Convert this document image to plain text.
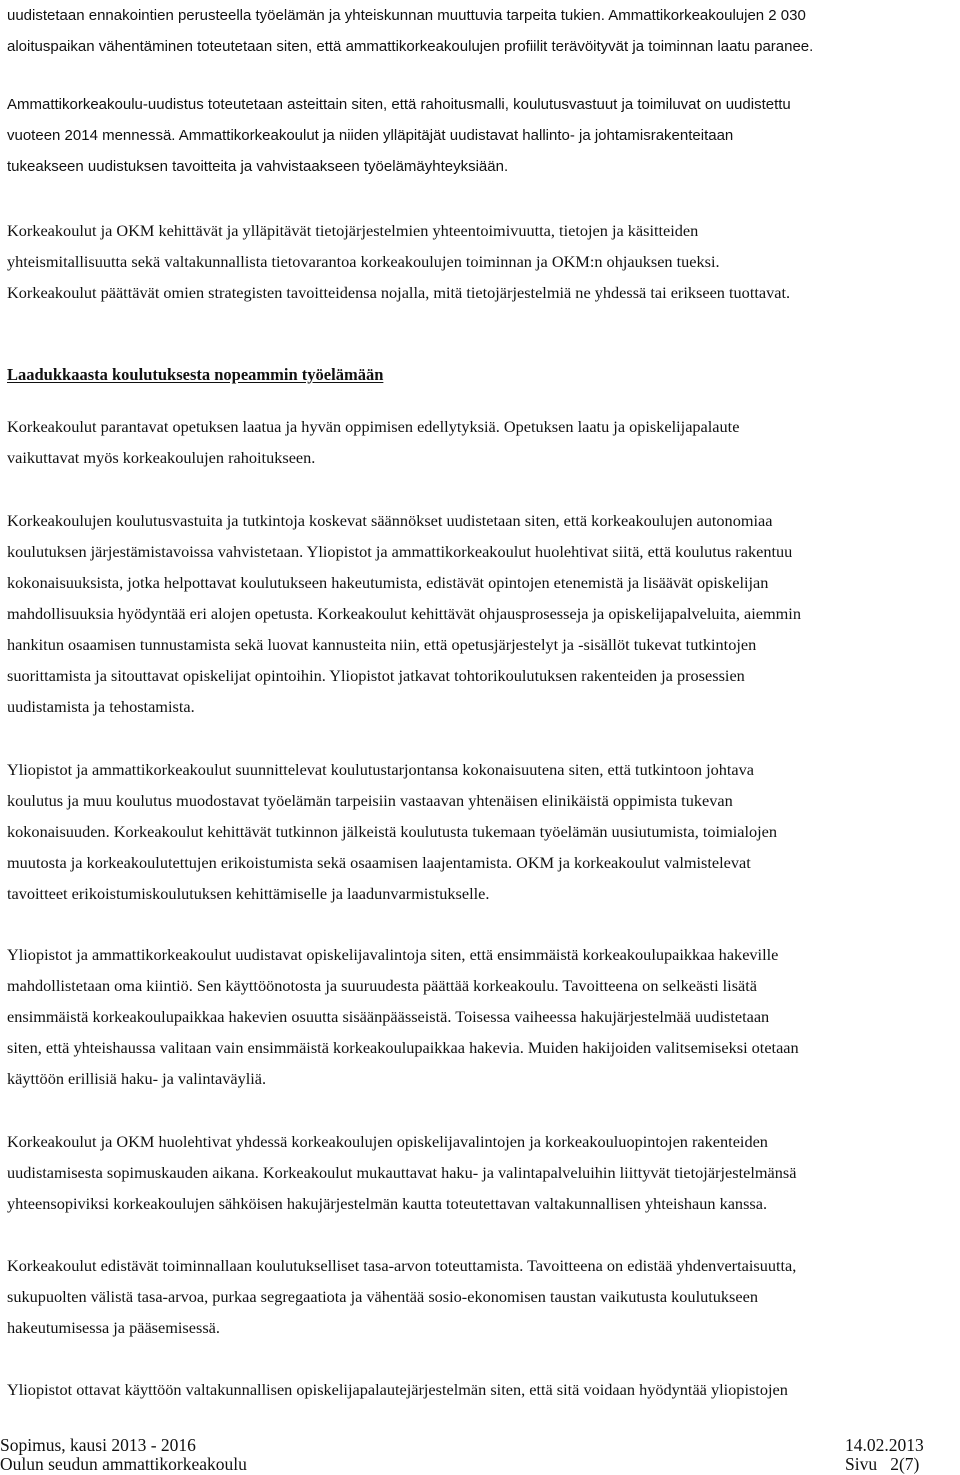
uudistetaan ennakointien perusteella työelämän ja yhteiskunnan muuttuvia tarpeita tukien. Ammattikorkeakoulujen 2 030
aloituspaikan vähentäminen toteutetaan siten, että ammattikorkeakoulujen profiilit terävöityvät ja toiminnan laatu paranee.

Ammattikorkeakoulu-uudistus toteutetaan asteittain siten, että rahoitusmalli, koulutusvastuut ja toimiluvat on uudistettu
vuoteen 2014 mennessä. Ammattikorkeakoulut ja niiden ylläpitäjät uudistavat hallinto- ja johtamisrakenteitaan
tukeakseen uudistuksen tavoitteita ja vahvistaakseen työelämäyhteyksiään.

Korkeakoulut ja OKM kehittävät ja ylläpitävät tietojärjestelmien yhteentoimivuutta, tietojen ja käsitteiden
yhteismitallisuutta sekä valtakunnallista tietovarantoa korkeakoulujen toiminnan ja OKM:n ohjauksen tueksi.
Korkeakoulut päättävät omien strategisten tavoitteidensa nojalla, mitä tietojärjestelmiä ne yhdessä tai erikseen tuottavat.

Laadukkaasta koulutuksesta nopeammin työelämään

Korkeakoulut parantavat opetuksen laatua ja hyvän oppimisen edellytyksiä. Opetuksen laatu ja opiskelijapalaute
vaikuttavat myös korkeakoulujen rahoitukseen.

Korkeakoulujen koulutusvastuita ja tutkintoja koskevat säännökset uudistetaan siten, että korkeakoulujen autonomiaa
koulutuksen järjestämistavoissa vahvistetaan. Yliopistot ja ammattikorkeakoulut huolehtivat siitä, että koulutus rakentuu
kokonaisuuksista, jotka helpottavat koulutukseen hakeutumista, edistävät opintojen etenemistä ja lisäävät opiskelijan
mahdollisuuksia hyödyntää eri alojen opetusta. Korkeakoulut kehittävät ohjausprosesseja ja opiskelijapalveluita, aiemmin
hankitun osaamisen tunnustamista sekä luovat kannusteita niin, että opetusjärjestelyt ja -sisällöt tukevat tutkintojen
suorittamista ja sitouttavat opiskelijat opintoihin. Yliopistot jatkavat tohtorikoulutuksen rakenteiden ja prosessien
uudistamista ja tehostamista.

Yliopistot ja ammattikorkeakoulut suunnittelevat koulutustarjontansa kokonaisuutena siten, että tutkintoon johtava
koulutus ja muu koulutus muodostavat työelämän tarpeisiin vastaavan yhtenäisen elinikäistä oppimista tukevan
kokonaisuuden. Korkeakoulut kehittävät tutkinnon jälkeistä koulutusta tukemaan työelämän uusiutumista, toimialojen
muutosta ja korkeakoulutettujen erikoistumista sekä osaamisen laajentamista. OKM ja korkeakoulut valmistelevat
tavoitteet erikoistumiskoulutuksen kehittämiselle ja laadunvarmistukselle.

Yliopistot ja ammattikorkeakoulut uudistavat opiskelijavalintoja siten, että ensimmäistä korkeakoulupaikkaa hakeville
mahdollistetaan oma kiintiö. Sen käyttöönotosta ja suuruudesta päättää korkeakoulu. Tavoitteena on selkeästi lisätä
ensimmäistä korkeakoulupaikkaa hakevien osuutta sisäänpäässeistä. Toisessa vaiheessa hakujärjestelmää uudistetaan
siten, että yhteishaussa valitaan vain ensimmäistä korkeakoulupaikkaa hakevia. Muiden hakijoiden valitsemiseksi otetaan
käyttöön erillisiä haku- ja valintaväyliä.

Korkeakoulut ja OKM huolehtivat yhdessä korkeakoulujen opiskelijavalintojen ja korkeakouluopintojen rakenteiden
uudistamisesta sopimuskauden aikana. Korkeakoulut mukauttavat haku- ja valintapalveluihin liittyvät tietojärjestelmänsä
yhteensopiviksi korkeakoulujen sähköisen hakujärjestelmän kautta toteutettavan valtakunnallisen yhteishaun kanssa.

Korkeakoulut edistävät toiminnallaan koulutukselliset tasa-arvon toteuttamista. Tavoitteena on edistää yhdenvertaisuutta,
sukupuolten välistä tasa-arvoa, purkaa segregaatiota ja vähentää sosio-ekonomisen taustan vaikutusta koulutukseen
hakeutumisessa ja pääsemisessä.

Yliopistot ottavat käyttöön valtakunnallisen opiskelijapalautejärjestelmän siten, että sitä voidaan hyödyntää yliopistojen

Sopimus, kausi 2013 - 2016	14.02.2013
Oulun seudun ammattikorkeakoulu	Sivu   2(7)
